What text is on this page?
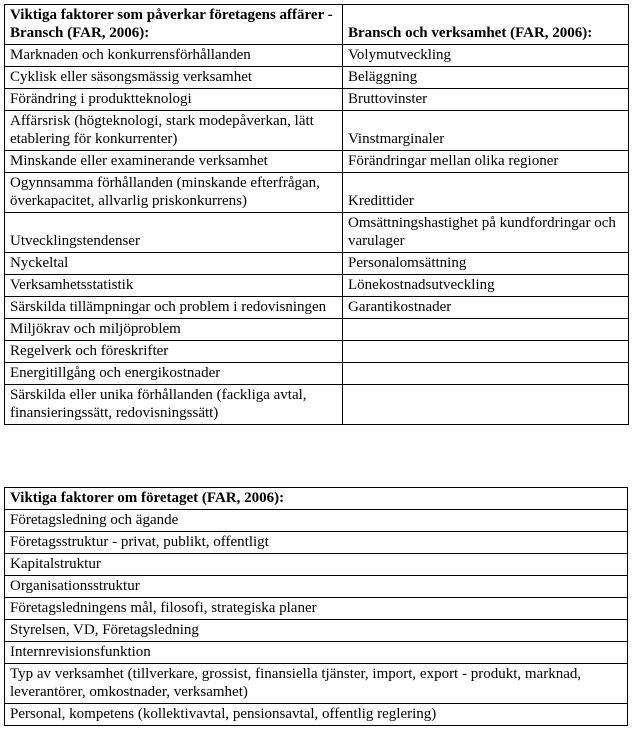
Viktiga faktorer som påverkar företagens affärer - Bransch (FAR, 2006):	Bransch och verksamhet (FAR, 2006):
Marknaden och konkurrensförhållanden	Volymutveckling
Cyklisk eller säsongsmässig verksamhet	Beläggning
Förändring i produktteknologi	Bruttovinster
Affärsrisk (högteknologi, stark modepåverkan, lätt etablering för konkurrenter)	Vinstmarginaler
Minskande eller examinerande verksamhet	Förändringar mellan olika regioner
Ogynnsamma förhållanden (minskande efterfrågan, överkapacitet, allvarlig priskonkurrens)	Kredittider
Utvecklingstendenser	Omsättningshastighet på kundfordringar och varulager
Nyckeltal	Personalomsättning
Verksamhetsstatistik	Lönekostnadsutveckling
Särskilda tillämpningar och problem i redovisningen	Garantikostnader
Miljökrav och miljöproblem	
Regelverk och föreskrifter	
Energitillgång och energikostnader	
Särskilda eller unika förhållanden (fackliga avtal, finansieringssätt, redovisningssätt)	
Viktiga faktorer om företaget (FAR, 2006):
Företagsledning och ägande
Företagsstruktur - privat, publikt, offentligt
Kapitalstruktur
Organisationsstruktur
Företagsledningens mål, filosofi, strategiska planer
Styrelsen, VD, Företagsledning
Internrevisionsfunktion
Typ av verksamhet (tillverkare, grossist, finansiella tjänster, import, export - produkt, marknad, leverantörer, omkostnader, verksamhet)
Personal, kompetens (kollektivavtal, pensionsavtal, offentlig reglering)
